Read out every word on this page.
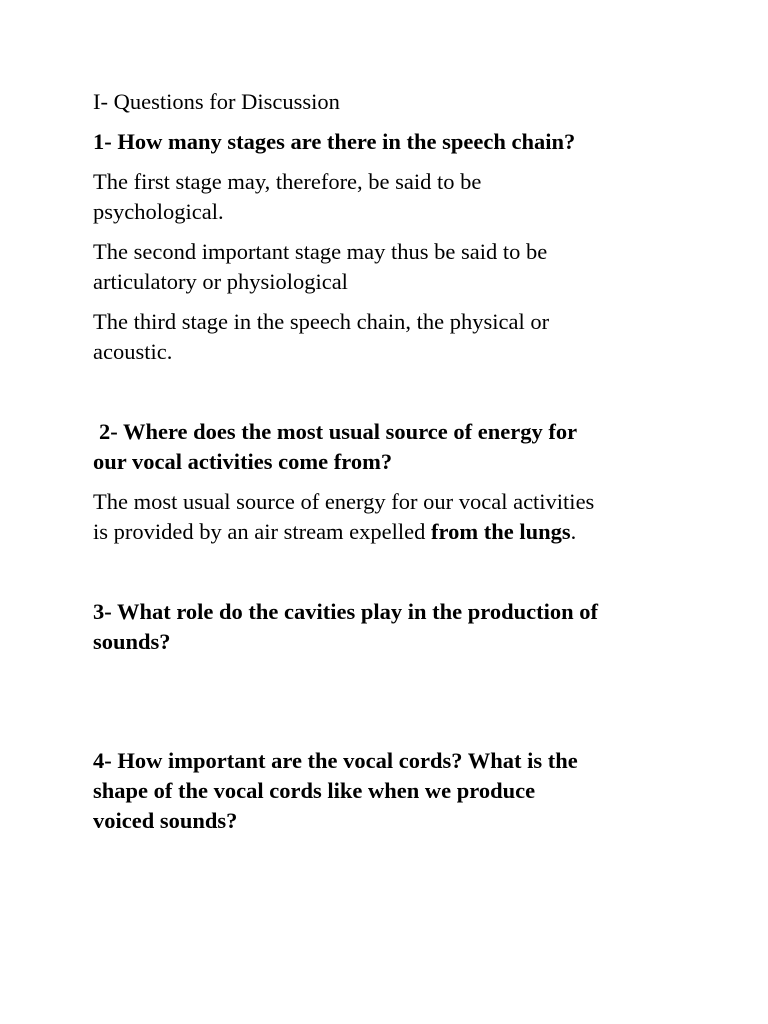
I- Questions for Discussion

1- How many stages are there in the speech chain?

The first stage may, therefore, be said to be

psychological.

The second important stage may thus be said to be

articulatory or physiological

The third stage in the speech chain, the physical or

acoustic.

2- Where does the most usual source of energy for

our vocal activities come from?

The most usual source of energy for our vocal activities

is provided by an air stream expelled from the lungs.

3- What role do the cavities play in the production of

sounds?

4- How important are the vocal cords? What is the

shape of the vocal cords like when we produce

voiced sounds?
